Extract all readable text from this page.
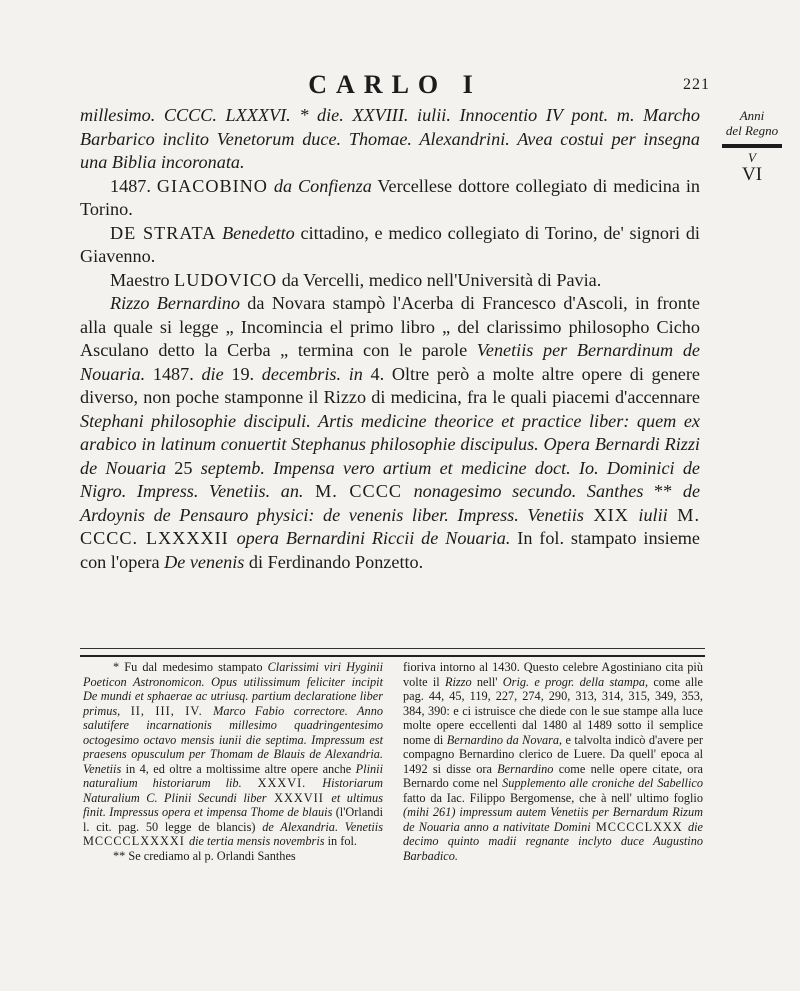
CARLO I	221
Anni
del Regno
V
VI

millesimo. CCCC. LXXXVI. * die. XXVIII. iulii. Innocentio IV pont. m. Marcho Barbarico inclito Venetorum duce. Thomae. Alexandrini. Avea costui per insegna una Biblia incoronata.

1487. GIACOBINO da Confienza Vercellese dottore collegiato di medicina in Torino.

DE STRATA Benedetto cittadino, e medico collegiato di Torino, de' signori di Giavenno.

Maestro LUDOVICO da Vercelli, medico nell'Università di Pavia.

Rizzo Bernardino da Novara stampò l'Acerba di Francesco d'Ascoli, in fronte alla quale si legge „ Incomincia el primo libro „ del clarissimo philosopho Cicho Asculano detto la Cerba „ termina con le parole Venetiis per Bernardinum de Nouaria. 1487. die 19. decembris. in 4. Oltre però a molte altre opere di genere diverso, non poche stamponne il Rizzo di medicina, fra le quali piacemi d'accennare Stephani philosophie discipuli. Artis medicine theorice et practice liber: quem ex arabico in latinum conuertit Stephanus philosophie discipulus. Opera Bernardi Rizzi de Nouaria 25 septemb. Impensa vero artium et medicine doct. Io. Dominici de Nigro. Impress. Venetiis. an. M. CCCC nonagesimo secundo. Santhes ** de Ardoynis de Pensauro physici: de venenis liber. Impress. Venetiis XIX iulii M. CCCC. LXXXXII opera Bernardini Riccii de Nouaria. In fol. stampato insieme con l'opera De venenis di Ferdinando Ponzetto.

* Fu dal medesimo stampato Clarissimi viri Hyginii Poeticon Astronomicon. Opus utilissimum feliciter incipit De mundi et sphaerae ac utriusq. partium declaratione liber primus, II, III, IV. Marco Fabio correctore. Anno salutifere incarnationis millesimo quadringentesimo octogesimo octavo mensis iunii die septima. Impressum est praesens opusculum per Thomam de Blauis de Alexandria. Venetiis in 4, ed oltre a moltissime altre opere anche Plinii naturalium historiarum lib. XXXVI. Historiarum Naturalium C. Plinii Secundi liber XXXVII et ultimus finit. Impressus opera et impensa Thome de blauis (l'Orlandi l. cit. pag. 50 legge de blancis) de Alexandria. Venetiis MCCCCLXXXXI die tertia mensis novembris in fol.

** Se crediamo al p. Orlandi Santhes

fioriva intorno al 1430. Questo celebre Agostiniano cita più volte il Rizzo nell' Orig. e progr. della stampa, come alle pag. 44, 45, 119, 227, 274, 290, 313, 314, 315, 349, 353, 384, 390: e ci istruisce che diede con le sue stampe alla luce molte opere eccellenti dal 1480 al 1489 sotto il semplice nome di Bernardino da Novara, e talvolta indicò d'avere per compagno Bernardino clerico de Luere. Da quell' epoca al 1492 si disse ora Bernardino come nelle opere citate, ora Bernardo come nel Supplemento alle croniche del Sabellico fatto da Iac. Filippo Bergomense, che à nell' ultimo foglio (mihi 261) impressum autem Venetiis per Bernardum Rizum de Nouaria anno a nativitate Domini MCCCCLXXX die decimo quinto madii regnante inclyto duce Augustino Barbadico.
